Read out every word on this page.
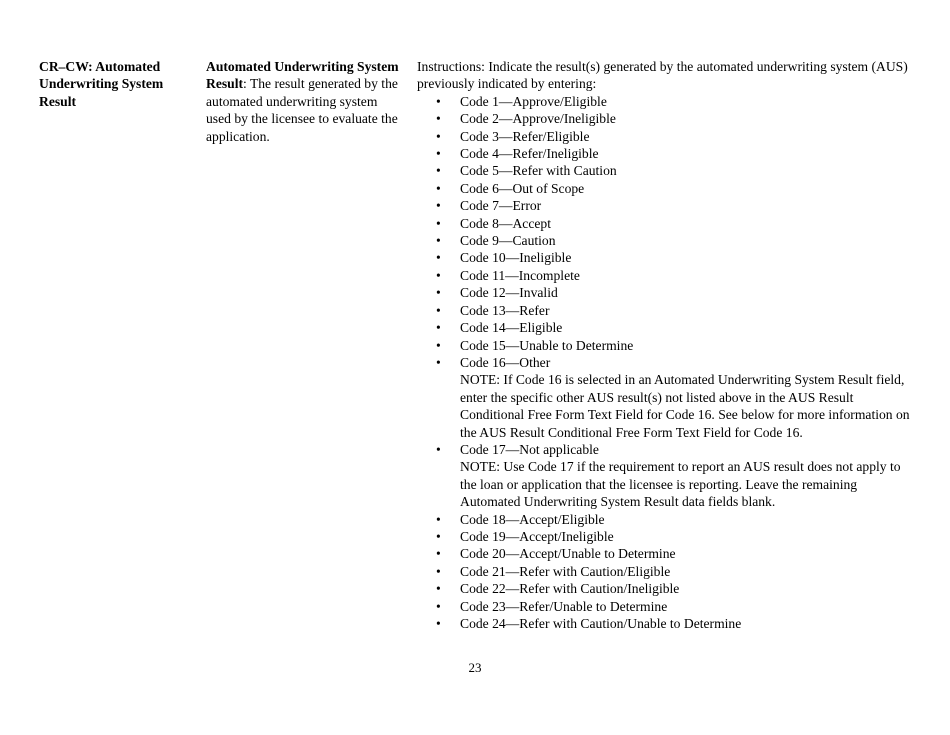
CR–CW: Automated Underwriting System Result
Automated Underwriting System Result: The result generated by the automated underwriting system used by the licensee to evaluate the application.
Instructions: Indicate the result(s) generated by the automated underwriting system (AUS) previously indicated by entering:
• Code 1—Approve/Eligible
• Code 2—Approve/Ineligible
• Code 3—Refer/Eligible
• Code 4—Refer/Ineligible
• Code 5—Refer with Caution
• Code 6—Out of Scope
• Code 7—Error
• Code 8—Accept
• Code 9—Caution
• Code 10—Ineligible
• Code 11—Incomplete
• Code 12—Invalid
• Code 13—Refer
• Code 14—Eligible
• Code 15—Unable to Determine
• Code 16—Other
NOTE: If Code 16 is selected in an Automated Underwriting System Result field, enter the specific other AUS result(s) not listed above in the AUS Result Conditional Free Form Text Field for Code 16. See below for more information on the AUS Result Conditional Free Form Text Field for Code 16.
• Code 17—Not applicable
NOTE: Use Code 17 if the requirement to report an AUS result does not apply to the loan or application that the licensee is reporting. Leave the remaining Automated Underwriting System Result data fields blank.
• Code 18—Accept/Eligible
• Code 19—Accept/Ineligible
• Code 20—Accept/Unable to Determine
• Code 21—Refer with Caution/Eligible
• Code 22—Refer with Caution/Ineligible
• Code 23—Refer/Unable to Determine
• Code 24—Refer with Caution/Unable to Determine
23
